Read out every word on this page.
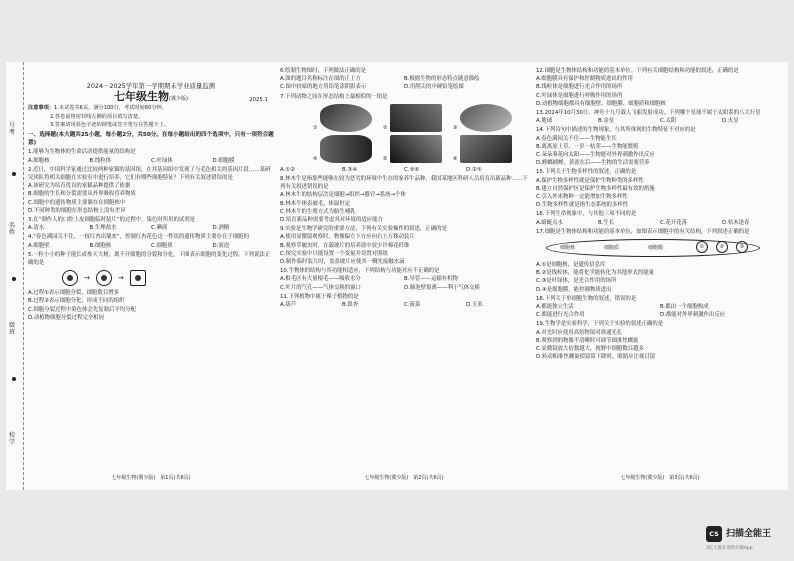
号考
名姓
级班
校学
2024－2025学年第一学期期末学业质量监测
七年级生物(冀少版)	2025.1
注意事项：1.本试卷共6页，满分100分，考试时间60分钟。
2.答卷前将密封线左侧的项目填写清楚。
3.答案请用蓝色字迹的钢笔或签字笔写在答题卡上。
一、选择题(本大题共25小题，每小题2分，共50分。在每小题给出的四个选项中，只有一项符合题意)
1.能够为生物体的生命活动提供能量的结构是
A.细胞核	B.线粒体	C.叶绿体	D.细胞膜
2.近日，中国科学家通过比较两种家猫的基因组，在其基因组中发现了与毛色相关的基因片段……某研究团队将相关细胞在实验室中进行培养，它们有哪些细胞特征？下列有关叙述错误的是
A.该研究为培育优良的家猫品种提供了依据
B.细胞的生长和分裂需要从外界吸收营养物质
C.细胞中的遗传物质主要储存在细胞核中
D.不同种类的细胞在形态结构上没有差异
3.在“制作人的口腔上皮细胞临时装片”的过程中，染色时所用的试剂是
A.清水	B.生理盐水	C.碘液	D.酒精
4.“春色满园关不住，一枝红杏出墙来”，控制红杏花色这一性状的遗传物质主要存在于细胞的
A.细胞壁	B.细胞核	C.细胞质	D.液泡
5.一粒小小的种子能长成参天大树，离不开细胞的分裂和分化。下图表示细胞的变化过程，下列说法正确的是
→	→
A.过程①表示细胞分裂，细胞数目增多
B.过程②表示细胞分化，形成不同的组织
C.细胞分裂过程中染色体会先复制后平均分配
D.动植物细胞分裂过程完全相同
七年级生物(冀少版)　第1页(共6页)
6.绘制生物图时，下列做法正确的是
A.图的题目名称标注在图的正上方	B.根据生物的形态特点随意描绘
C.图中较暗的地方用铅笔涂阴影表示	D.用削尖的中硬铅笔绘图
7.下列动物之间在形态结构上最相似的一组是
①	②	③
④	⑤	⑥
A.①②	B.③④	C.⑤⑥	D.②⑤
8.林木牛是指那些能够在较为恶劣的环境中生存的家养牛品种。我国某地区科研人员培育出新品种……下列有关叙述错误的是
A.林木牛的结构层次是细胞→组织→器官→系统→个体
B.林木牛体表被毛，体温恒定
C.林木牛的生殖方式为胎生哺乳
D.培育新品种需要考虑其对环境的适应能力
9.实验是生物学研究的重要方法，下列有关实验操作的叙述，正确的是
A.使用显微镜观察时，物像偏左下方应向右上方移动装片
B.观察草履虫时，在载玻片的培养液中放少许棉花纤维
C.探究实验中只能设置一个变量并设置对照组
D.制作临时装片时，盖盖玻片应使其一侧先接触水滴
10.生物体的结构与其功能相适应，下列结构与功能对应不正确的是
A.根毛区有大量根毛——吸收水分	B.导管——运输有机物
C.叶片的气孔——气体交换的窗口	D.肺泡壁很薄——利于气体交换
11.下列植物中属于裸子植物的是
A.葫芦	B.银杏	C.菠菜	D.玉米
七年级生物(冀少版)　第2页(共6页)
12.细胞是生物体结构和功能的基本单位。下列有关细胞结构和功能的叙述，正确的是
A.细胞膜具有保护和控制物质进出的作用
B.线粒体是细胞进行光合作用的场所
C.叶绿体是细胞进行呼吸作用的场所
D.动植物细胞都具有细胞壁、细胞膜、细胞质和细胞核
13.2024年10月30日，神舟十九号载人飞船发射成功，下列哪个星球不属于太阳系的八大行星
A.地球	B.金星	C.太阳	D.火星
14.下列诗句中描述的生物现象，与其所体现的生物特征不对应的是
A.春色满园关不住——生物能生长
B.离离原上草，一岁一枯荣——生物能繁殖
C.朵朵葵花向太阳——生物能对外界刺激作出反应
D.螳螂捕蝉，黄雀在后——生物的生活需要营养
15.下列关于生物多样性的叙述，正确的是
A.保护生物多样性就是保护生物种类的多样性
B.建立自然保护区是保护生物多样性最有效的措施
C.引入外来物种一定能增加生物多样性
D.生物多样性就是指生态系统的多样性
16.下列生命现象中，与其他三项不同的是
A.蜻蜓点水	B.生长	C.花开花落	D.枯木逢春
17.细胞是生物体结构和功能的基本单位，如图表示细胞中的有关结构，下列叙述正确的是
细胞核	细胞质	细胞膜	①	②	③
A.①是细胞核，是遗传信息库
B.②是线粒体，能将化学能转化为其他形式的能量
C.③是叶绿体，是光合作用的场所
D.④是细胞膜，能控制物质进出
18.下列关于单细胞生物的叙述，错误的是
A.都能独立生活	B.都由一个细胞构成
C.都能进行光合作用	D.都能对外界刺激作出反应
19.生物学是实验科学，下列关于实验的叙述正确的是
A.对光时应使用高倍物镜对准通光孔
B.观察到的物像不清晰时可调节细准焦螺旋
C.显微镜放大倍数越大，视野中细胞数目越多
D.转动粗准焦螺旋使镜筒下降时，眼睛应注视目镜
七年级生物(冀少版)　第3页(共6页)
CS 扫描全能王
3亿人都在用的扫描App
